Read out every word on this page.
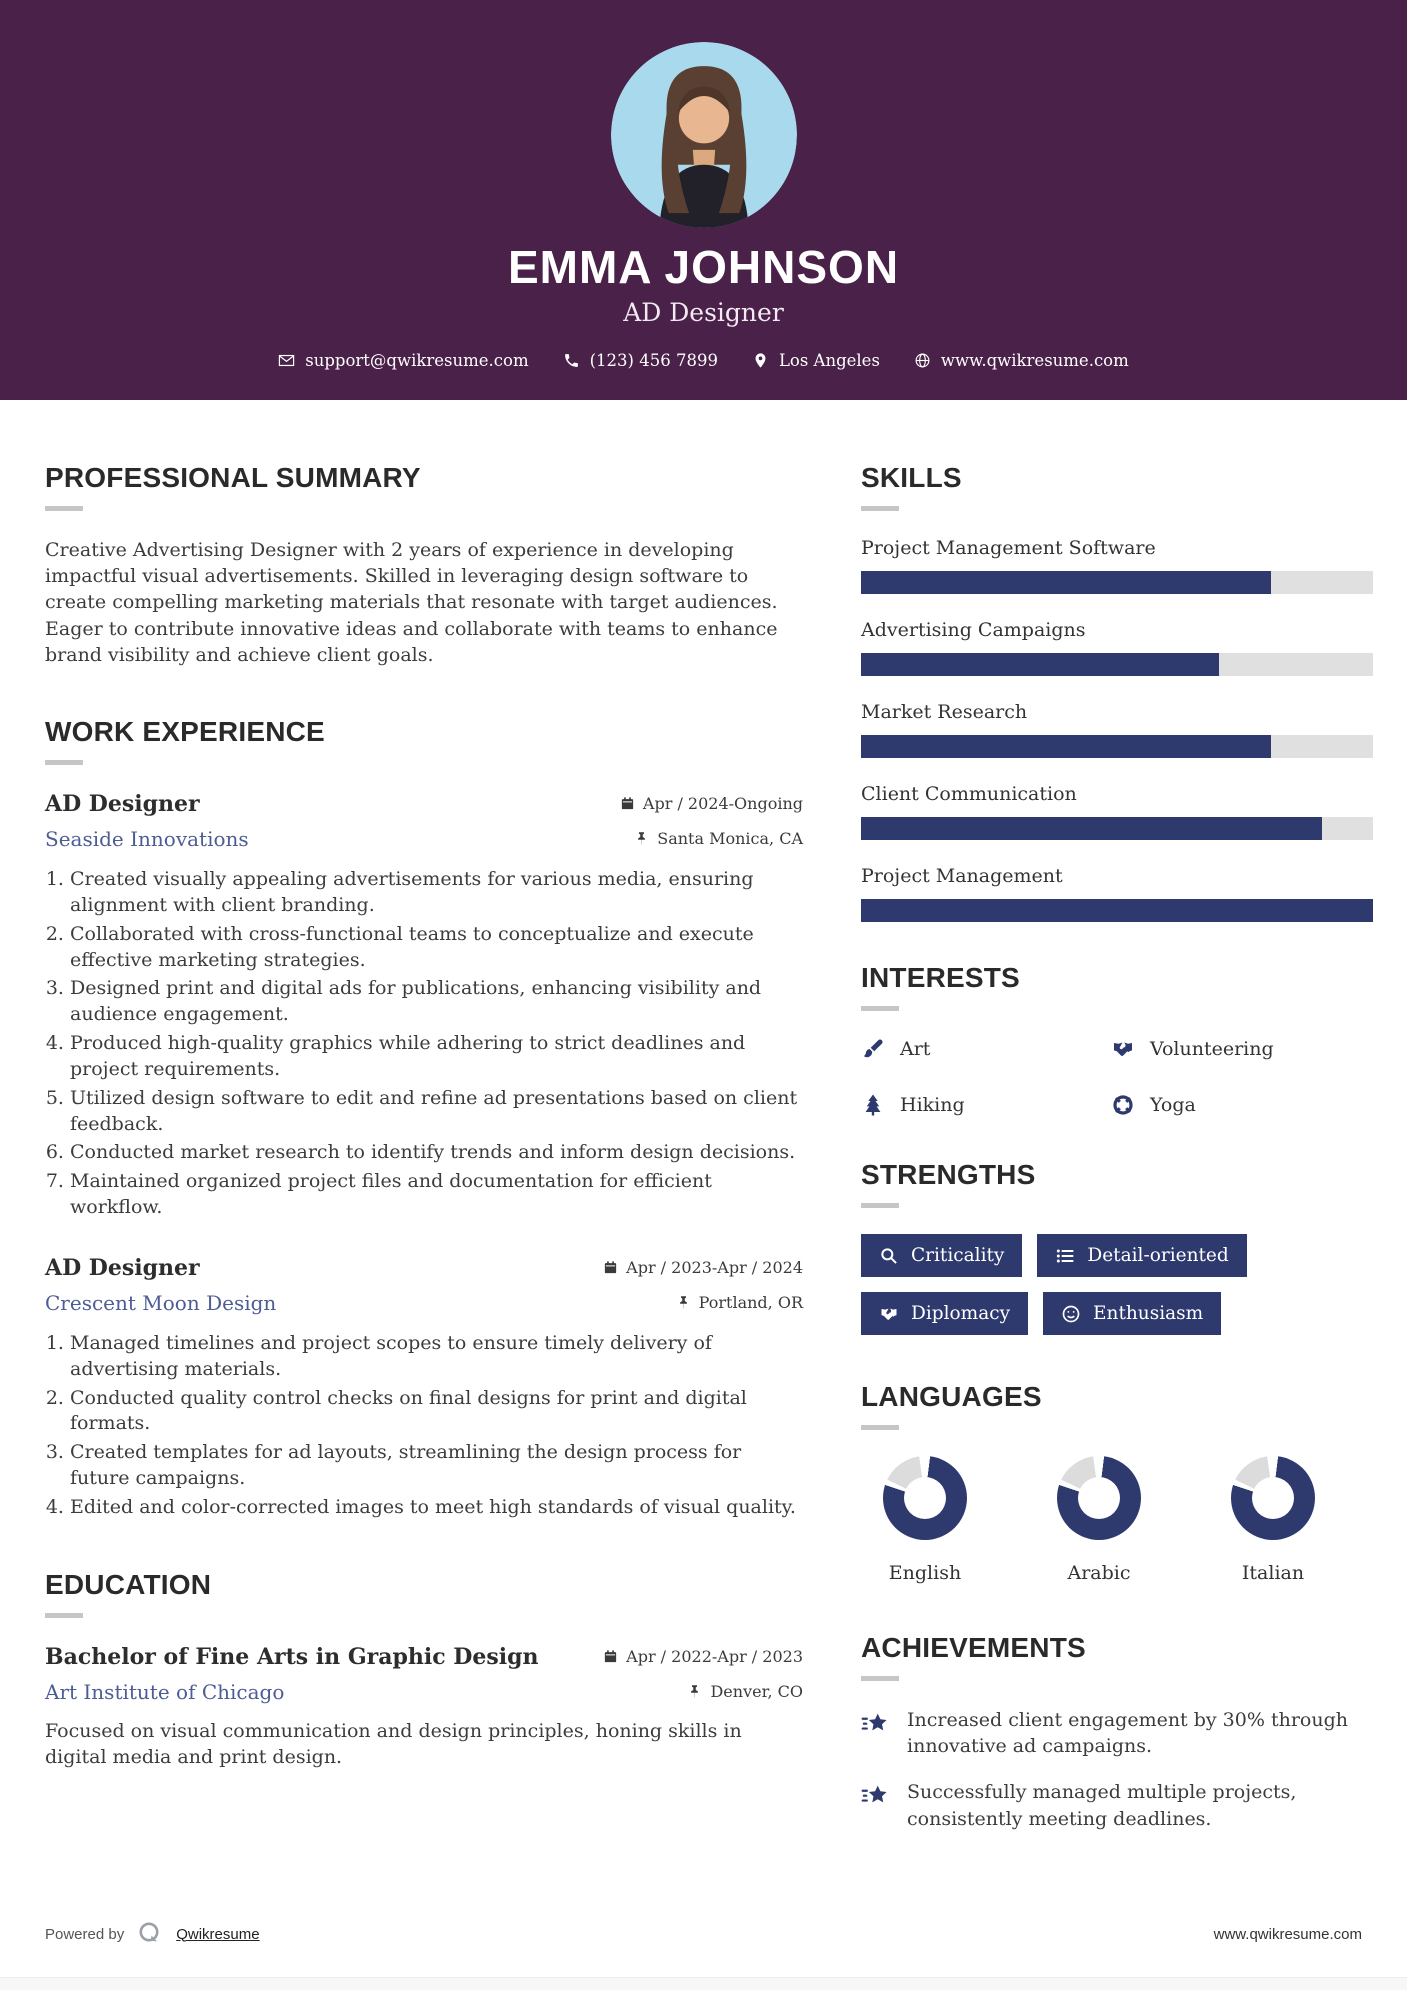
EMMA JOHNSON
AD Designer
support@qwikresume.com	(123) 456 7899	Los Angeles	www.qwikresume.com
PROFESSIONAL SUMMARY

Creative Advertising Designer with 2 years of experience in developing impactful visual advertisements. Skilled in leveraging design software to create compelling marketing materials that resonate with target audiences. Eager to contribute innovative ideas and collaborate with teams to enhance brand visibility and achieve client goals.

WORK EXPERIENCE
AD Designer	Apr / 2024-Ongoing
Seaside Innovations	Santa Monica, CA
1. Created visually appealing advertisements for various media, ensuring alignment with client branding.
2. Collaborated with cross-functional teams to conceptualize and execute effective marketing strategies.
3. Designed print and digital ads for publications, enhancing visibility and audience engagement.
4. Produced high-quality graphics while adhering to strict deadlines and project requirements.
5. Utilized design software to edit and refine ad presentations based on client feedback.
6. Conducted market research to identify trends and inform design decisions.
7. Maintained organized project files and documentation for efficient workflow.
AD Designer	Apr / 2023-Apr / 2024
Crescent Moon Design	Portland, OR
1. Managed timelines and project scopes to ensure timely delivery of advertising materials.
2. Conducted quality control checks on final designs for print and digital formats.
3. Created templates for ad layouts, streamlining the design process for future campaigns.
4. Edited and color-corrected images to meet high standards of visual quality.
EDUCATION
Bachelor of Fine Arts in Graphic Design	Apr / 2022-Apr / 2023
Art Institute of Chicago	Denver, CO

Focused on visual communication and design principles, honing skills in digital media and print design.

SKILLS
Project Management Software
Advertising Campaigns
Market Research
Client Communication
Project Management
INTERESTS
Art	Volunteering
Hiking	Yoga
STRENGTHS
Criticality	Detail-oriented
Diplomacy	Enthusiasm
LANGUAGES
English	Arabic	Italian
ACHIEVEMENTS

Increased client engagement by 30% through innovative ad campaigns.

Successfully managed multiple projects, consistently meeting deadlines.

Powered by	Qwikresume	www.qwikresume.com
